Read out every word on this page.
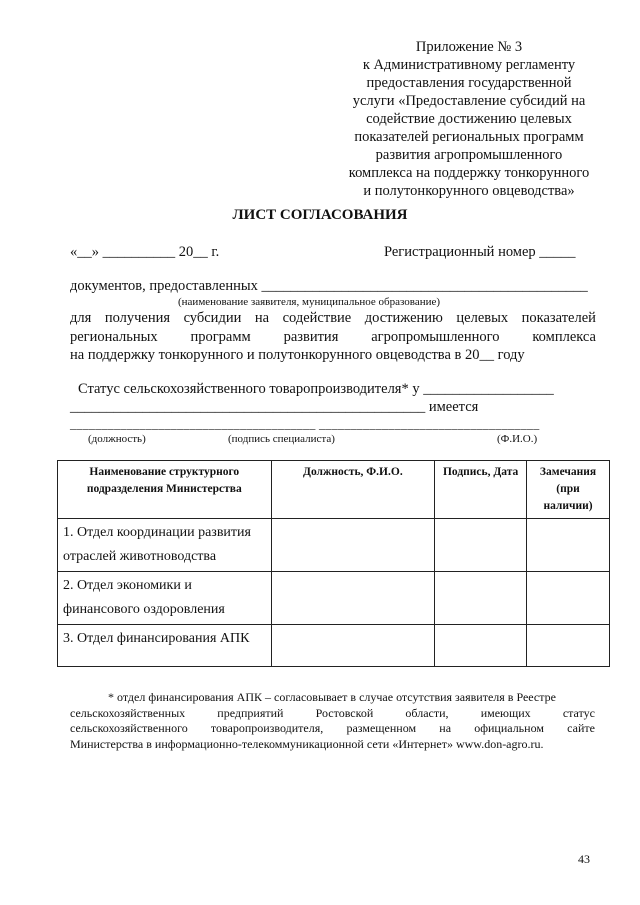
Приложение № 3
к Административному регламенту
предоставления государственной
услуги «Предоставление субсидий на
содействие достижению целевых
показателей региональных программ
развития агропромышленного
комплекса на поддержку тонкорунного
и полутонкорунного овцеводства»
ЛИСТ СОГЛАСОВАНИЯ
«__» __________ 20__ г.	Регистрационный номер _____
документов, предоставленных _____________________________________________
(наименование заявителя, муниципальное образование)
для получения субсидии на содействие достижению целевых показателей
региональных программ развития агропромышленного комплекса
на поддержку тонкорунного и полутонкорунного овцеводства в 20__ году
Статус сельскохозяйственного товаропроизводителя* у __________________
_________________________________________________ имеется
_______________________________________ ___________________________________
(должность)	(подпись специалиста)	(Ф.И.О.)
Наименование структурного подразделения Министерства	Должность, Ф.И.О.	Подпись, Дата	Замечания (при наличии)
1. Отдел координации развития отраслей животноводства			
2. Отдел экономики и финансового оздоровления			
3. Отдел финансирования АПК			
* отдел финансирования АПК – согласовывает в случае отсутствия заявителя в Реестре
сельскохозяйственных	предприятий	Ростовской	области,	имеющих	статус
сельскохозяйственного товаропроизводителя, размещенном на официальном сайте
Министерства в информационно-телекоммуникационной сети «Интернет» www.don-agro.ru.
43
